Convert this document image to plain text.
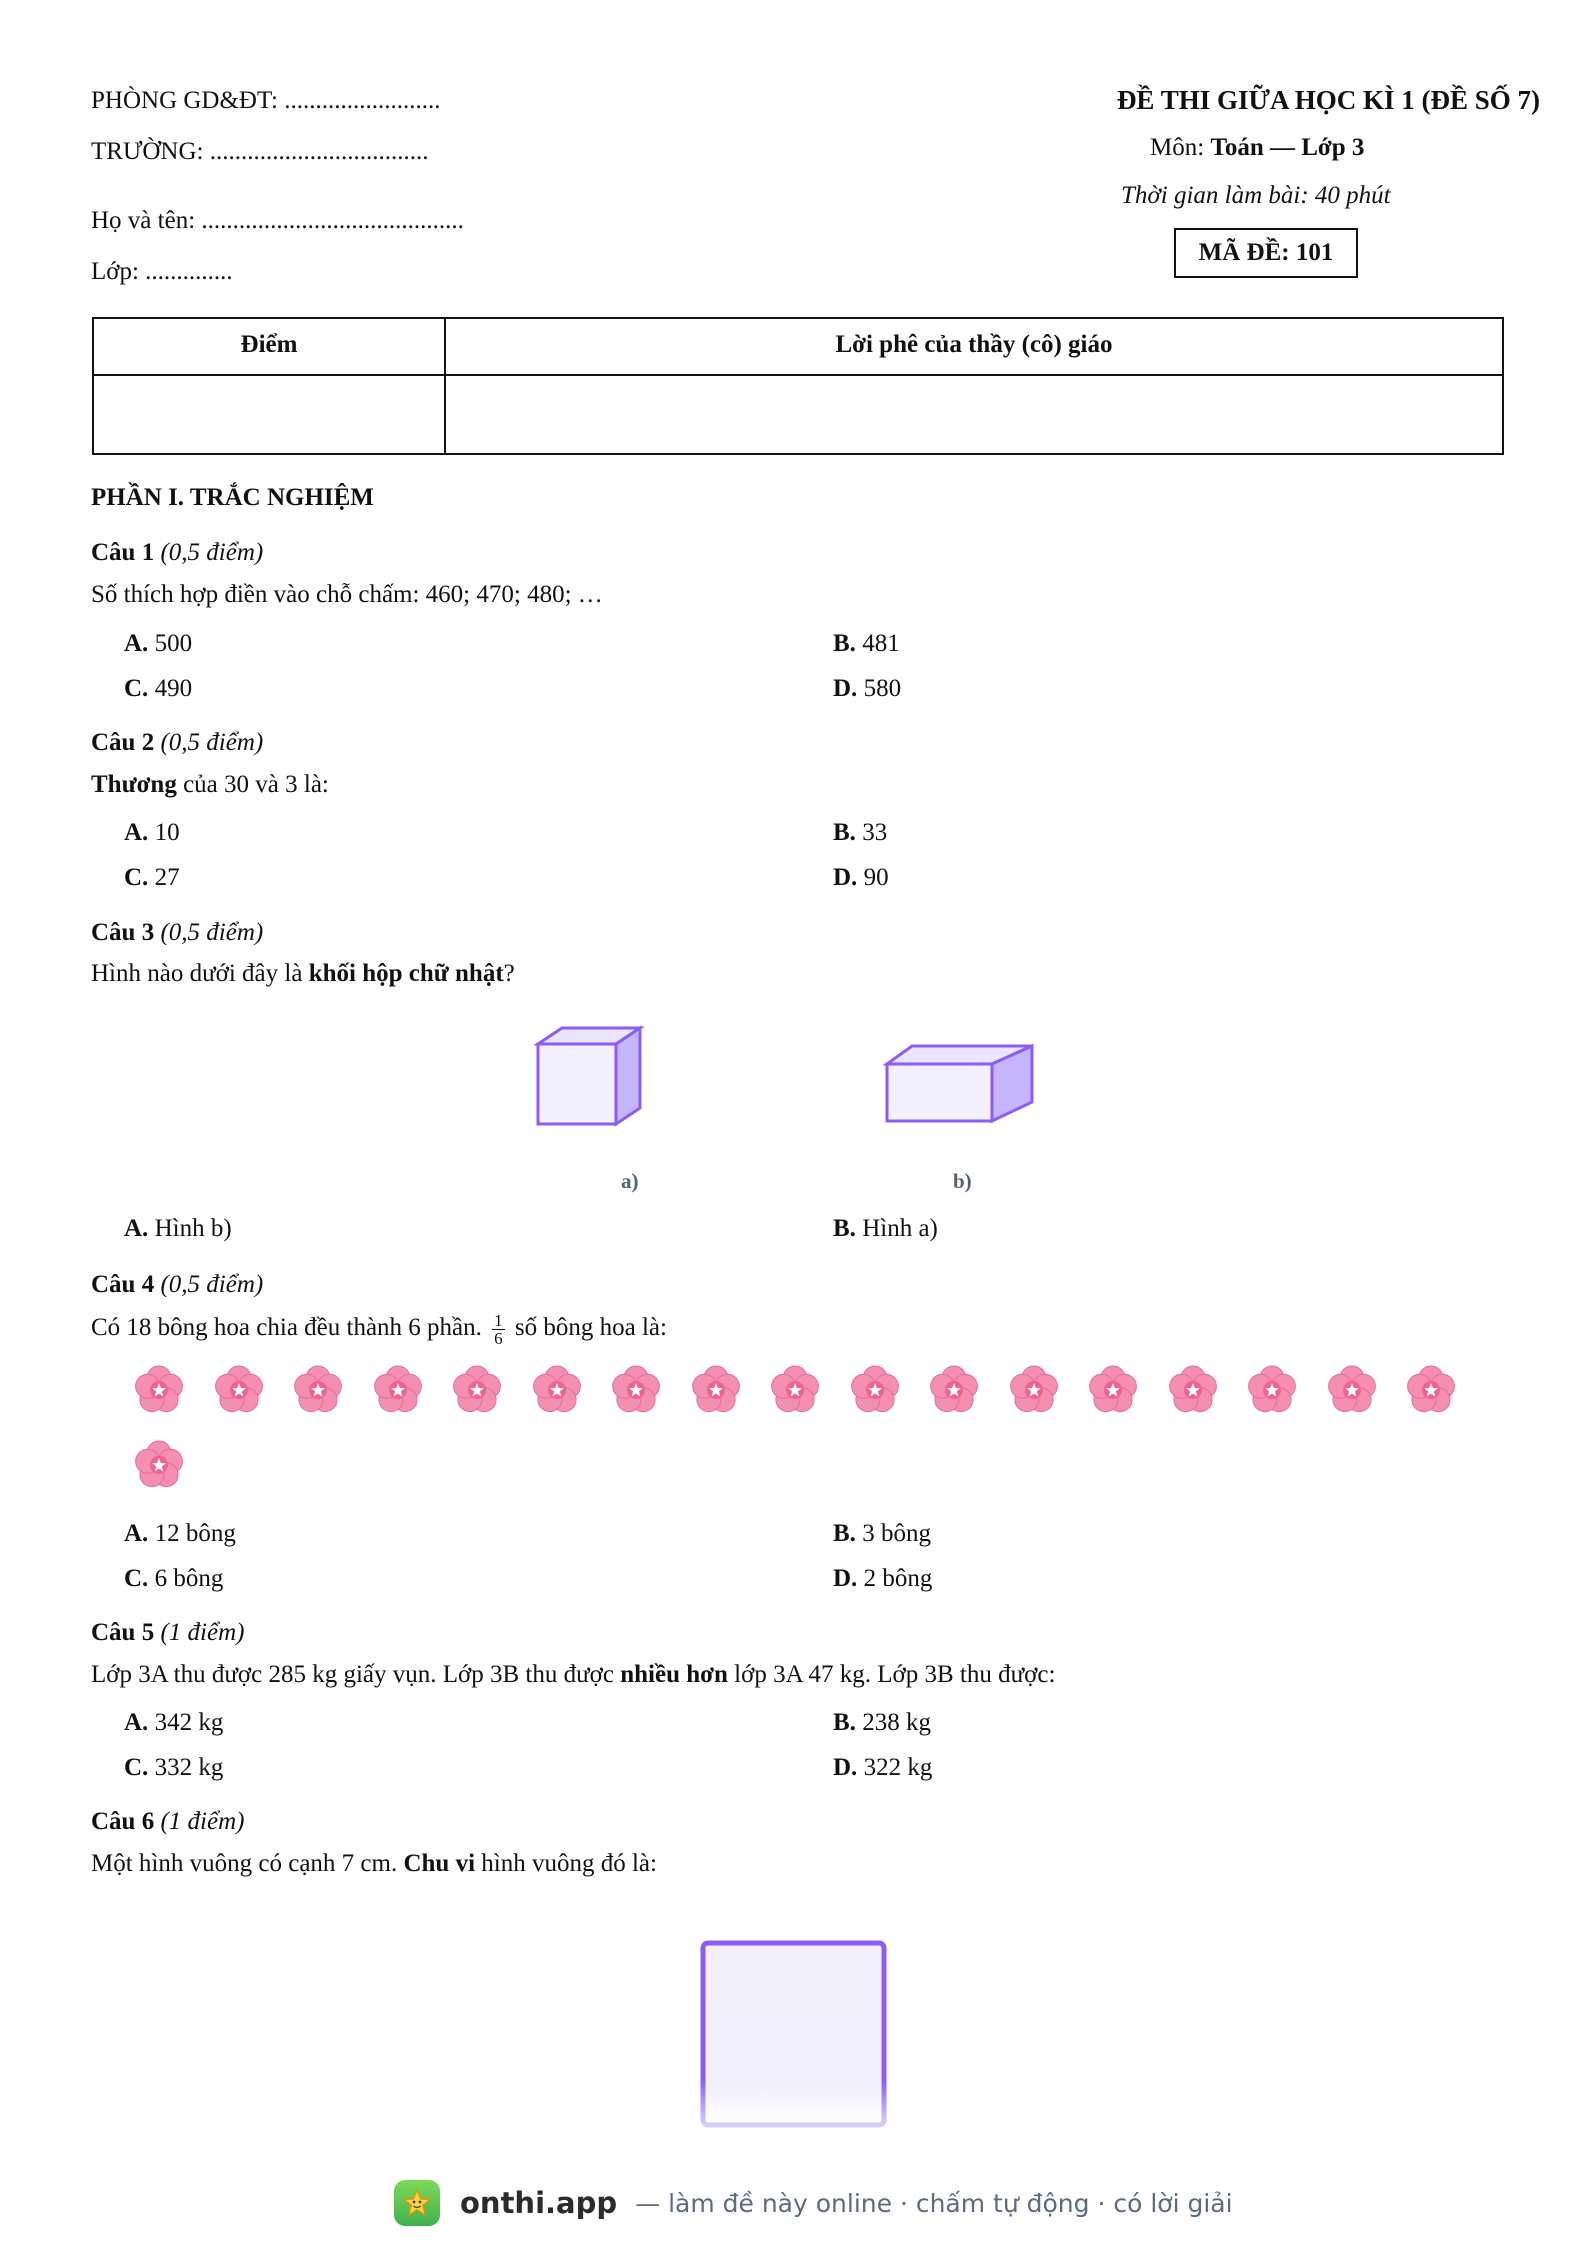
PHÒNG GD&ĐT: .........................
TRƯỜNG: ...................................
Họ và tên: ..........................................
Lớp: ..............
ĐỀ THI GIỮA HỌC KÌ 1 (ĐỀ SỐ 7)
Môn: Toán — Lớp 3
Thời gian làm bài: 40 phút
MÃ ĐỀ: 101
Điểm	Lời phê của thầy (cô) giáo
PHẦN I. TRẮC NGHIỆM
Câu 1 (0,5 điểm)
Số thích hợp điền vào chỗ chấm: 460; 470; 480; …
A. 500	B. 481
C. 490	D. 580
Câu 2 (0,5 điểm)
Thương của 30 và 3 là:
A. 10	B. 33
C. 27	D. 90
Câu 3 (0,5 điểm)
Hình nào dưới đây là khối hộp chữ nhật?
a)	b)
A. Hình b)	B. Hình a)
Câu 4 (0,5 điểm)
Có 18 bông hoa chia đều thành 6 phần. $\frac{1}{6}$ số bông hoa là:
A. 12 bông	B. 3 bông
C. 6 bông	D. 2 bông
Câu 5 (1 điểm)
Lớp 3A thu được 285 kg giấy vụn. Lớp 3B thu được nhiều hơn lớp 3A 47 kg. Lớp 3B thu được:
A. 342 kg	B. 238 kg
C. 332 kg	D. 322 kg
Câu 6 (1 điểm)
Một hình vuông có cạnh 7 cm. Chu vi hình vuông đó là:
onthi.app — làm đề này online · chấm tự động · có lời giải
